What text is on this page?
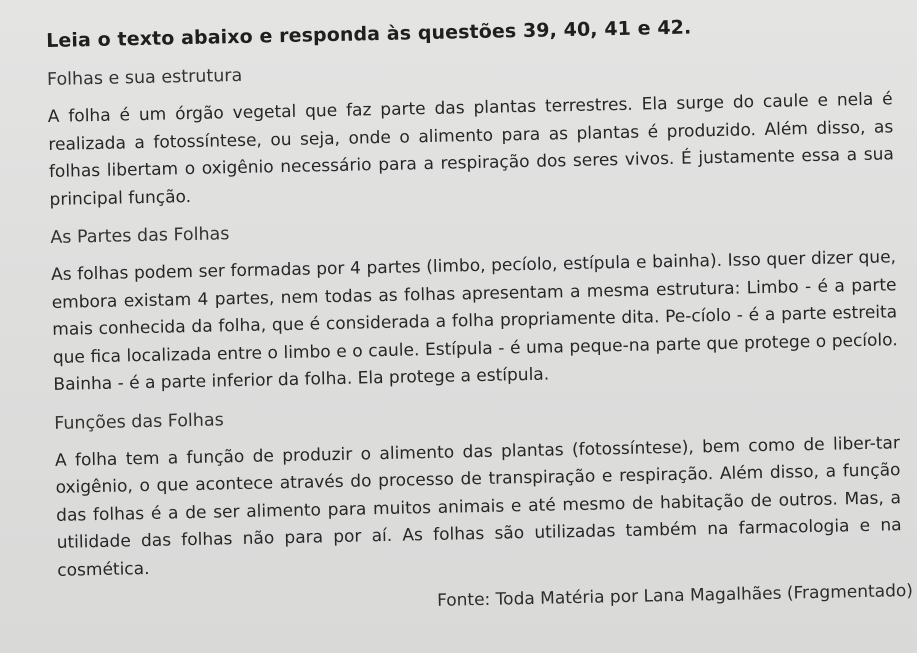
Leia o texto abaixo e responda às questões 39, 40, 41 e 42.
Folhas e sua estrutura
A folha é um órgão vegetal que faz parte das plantas terrestres. Ela surge do caule e nela é realizada a fotossíntese, ou seja, onde o alimento para as plantas é produzido. Além disso, as folhas libertam o oxigênio necessário para a respiração dos seres vivos. É justamente essa a sua principal função.
As Partes das Folhas
As folhas podem ser formadas por 4 partes (limbo, pecíolo, estípula e bainha). Isso quer dizer que, embora existam 4 partes, nem todas as folhas apresentam a mesma estrutura: Limbo - é a parte mais conhecida da folha, que é considerada a folha propriamente dita. Pe-cíolo - é a parte estreita que fica localizada entre o limbo e o caule. Estípula - é uma peque-na parte que protege o pecíolo. Bainha - é a parte inferior da folha. Ela protege a estípula.
Funções das Folhas
A folha tem a função de produzir o alimento das plantas (fotossíntese), bem como de liber-tar oxigênio, o que acontece através do processo de transpiração e respiração. Além disso, a função das folhas é a de ser alimento para muitos animais e até mesmo de habitação de outros. Mas, a utilidade das folhas não para por aí. As folhas são utilizadas também na farmacologia e na cosmética.
Fonte: Toda Matéria por Lana Magalhães (Fragmentado)
